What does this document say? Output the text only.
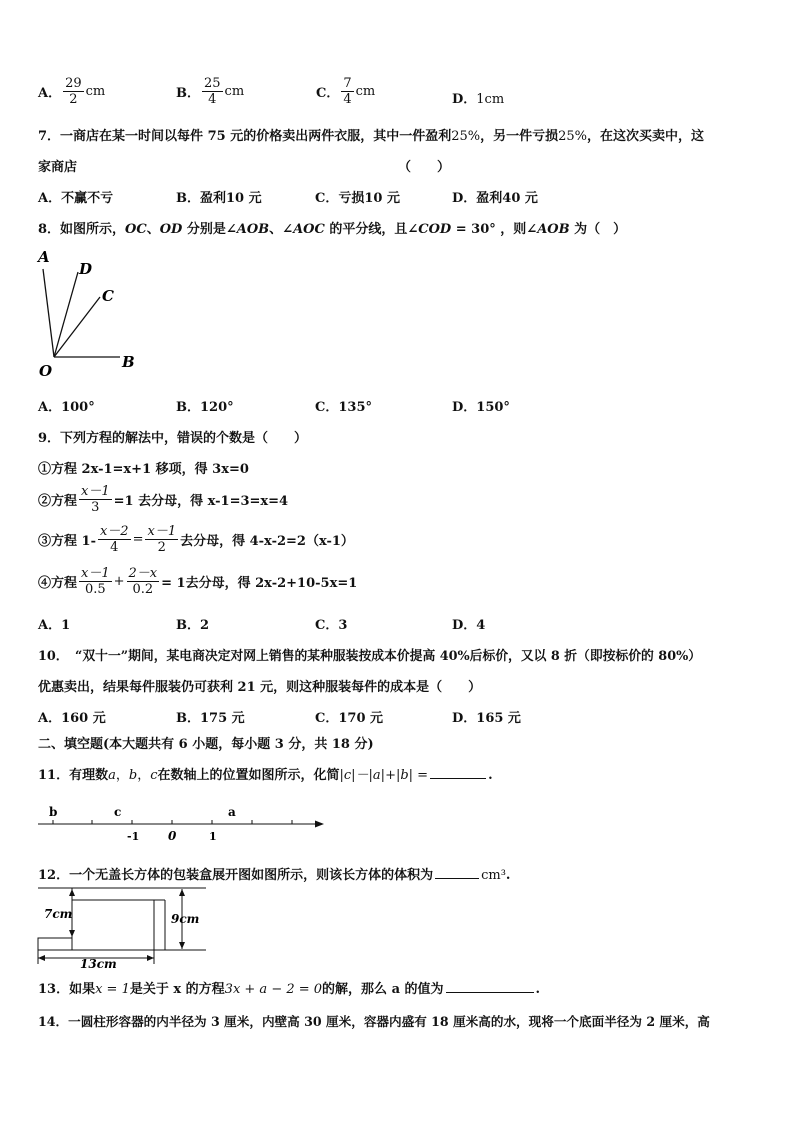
A． $\frac{29}{2}$ cm	B． $\frac{25}{4}$ cm	C． $\frac{7}{4}$ cm
D．1cm
7．一商店在某一时间以每件 75 元的价格卖出两件衣服，其中一件盈利25%，另一件亏损25%，在这次买卖中，这
家商店	（　　）
A．不赢不亏	B．盈利10 元	C．亏损10 元	D．盈利40 元
8．如图所示，OC、OD 分别是∠AOB、∠AOC 的平分线，且∠COD = 30° ，则∠AOB 为（　）
A
D
C
O	B
A．100°	B．120°	C．135°	D．150°
9．下列方程的解法中，错误的个数是（　　）
①方程 2x-1=x+1 移项，得 3x=0
②方程 $\frac{x-1}{3} =1$ 去分母，得 x-1=3=x=4
③方程 $1- \frac{x-2}{4} = \frac{x-1}{2}$ 去分母，得 4-x-2=2（x-1）
④方程 $\frac{x-1}{0.5} + \frac{2-x}{0.2} = 1$去分母，得 2x-2+10-5x=1
A．1	B．2	C．3	D．4
10．　“双十一”期间，某电商决定对网上销售的某种服装按成本价提高 40%后标价，又以 8 折（即按标价的 80%）
优惠卖出，结果每件服装仍可获利 21 元，则这种服装每件的成本是（　　）
A．160 元	B．175 元	C．170 元	D．165 元
二、填空题(本大题共有 6 小题，每小题 3 分，共 18 分)
11．有理数a，b，c在数轴上的位置如图所示，化简|c|－|a|+|b| =	.
b	c	a
-1 0	1
12．一个无盖长方体的包装盒展开图如图所示，则该长方体的体积为	cm³.
7cm	9cm
13cm
13．如果x = 1是关于 x 的方程3x + a − 2 = 0的解，那么 a 的值为	.
14．一圆柱形容器的内半径为 3 厘米，内壁高 30 厘米，容器内盛有 18 厘米高的水，现将一个底面半径为 2 厘米，高
